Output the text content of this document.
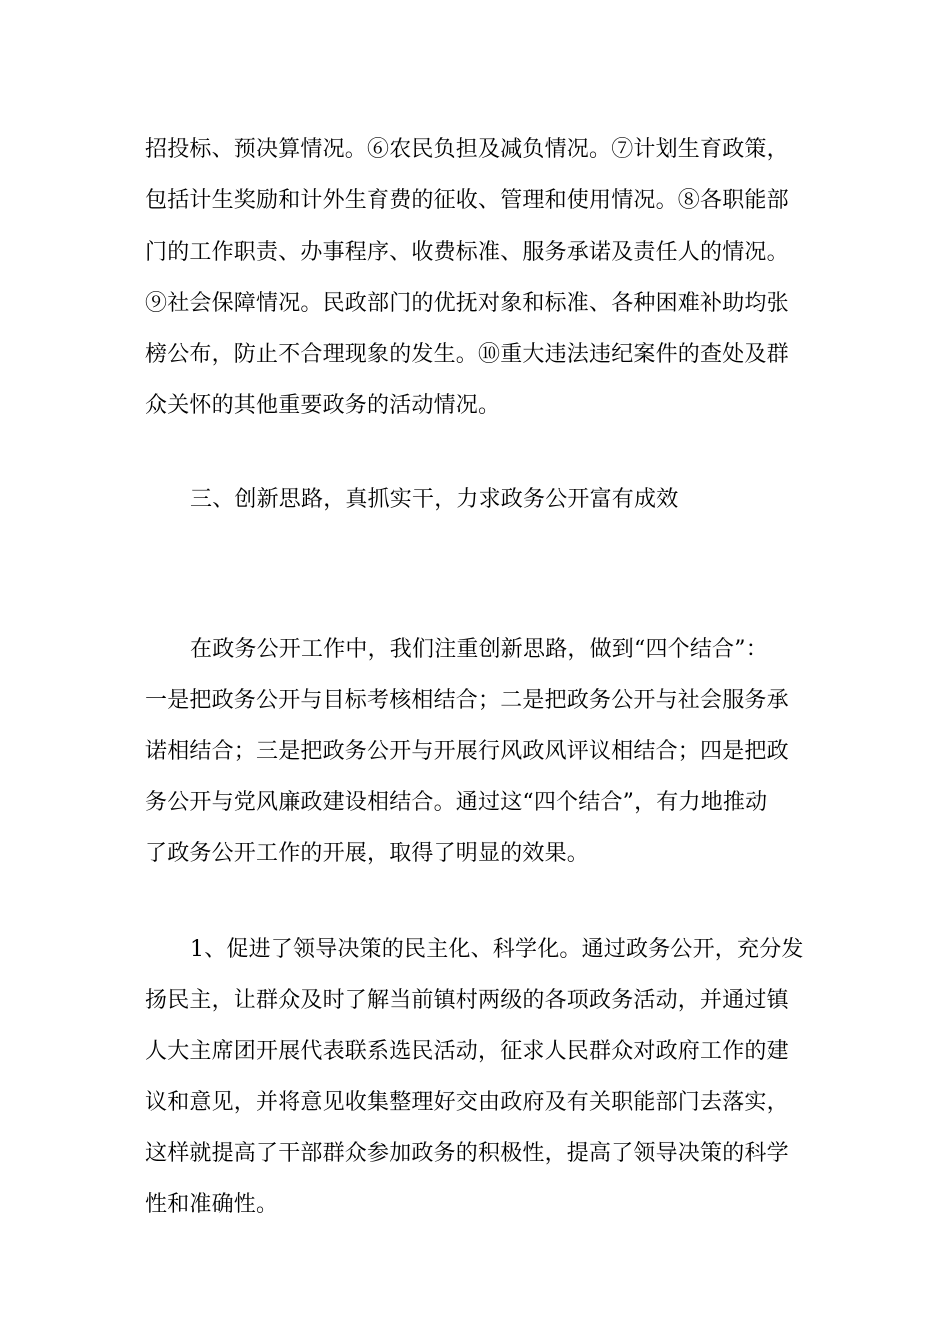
招投标、预决算情况。⑥农民负担及减负情况。⑦计划生育政策，
包括计生奖励和计外生育费的征收、管理和使用情况。⑧各职能部
门的工作职责、办事程序、收费标准、服务承诺及责任人的情况。
⑨社会保障情况。民政部门的优抚对象和标准、各种困难补助均张
榜公布，防止不合理现象的发生。⑩重大违法违纪案件的查处及群
众关怀的其他重要政务的活动情况。
三、创新思路，真抓实干，力求政务公开富有成效
在政务公开工作中，我们注重创新思路，做到“四个结合”：
一是把政务公开与目标考核相结合；二是把政务公开与社会服务承
诺相结合；三是把政务公开与开展行风政风评议相结合；四是把政
务公开与党风廉政建设相结合。通过这“四个结合”，有力地推动
了政务公开工作的开展，取得了明显的效果。
1、促进了领导决策的民主化、科学化。通过政务公开，充分发
扬民主，让群众及时了解当前镇村两级的各项政务活动，并通过镇
人大主席团开展代表联系选民活动，征求人民群众对政府工作的建
议和意见，并将意见收集整理好交由政府及有关职能部门去落实，
这样就提高了干部群众参加政务的积极性，提高了领导决策的科学
性和准确性。
